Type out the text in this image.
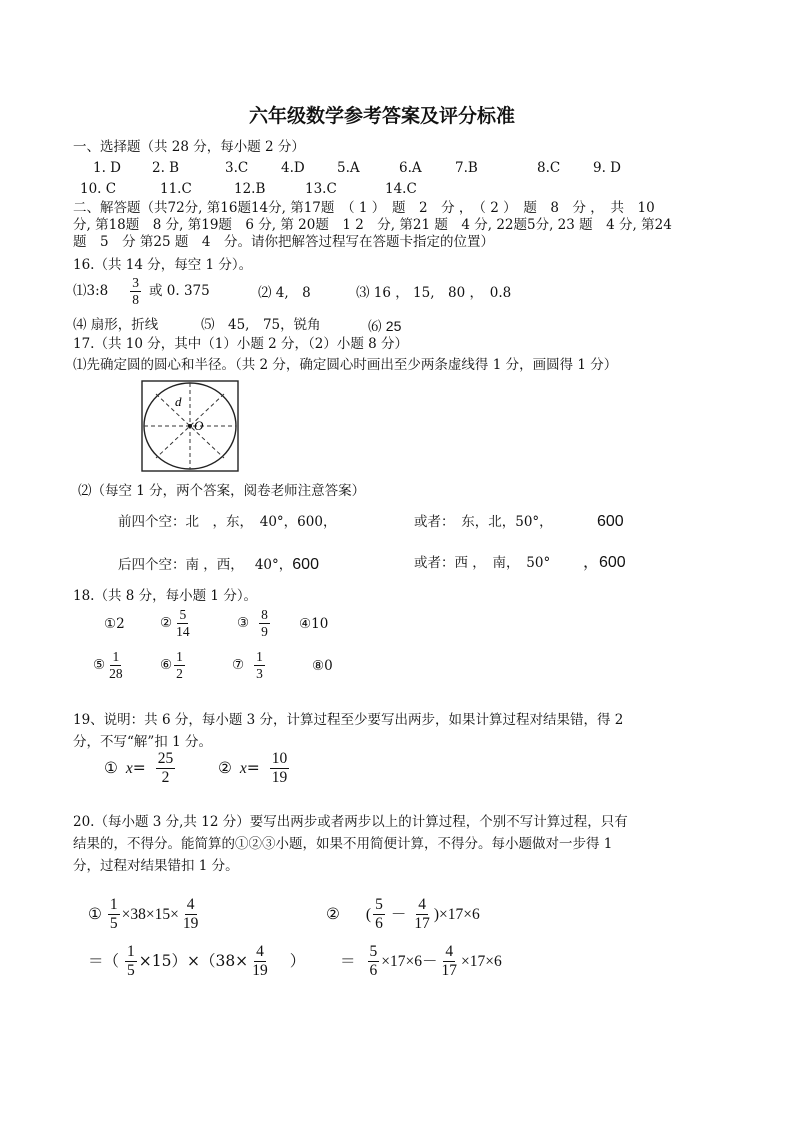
六年级数学参考答案及评分标准
一、选择题（共 28 分，每小题 2 分）
1. D 2. B	3.C 4.D 5.A	6.A 7.B	8.C 9. D
10. C	11.C	12.B	13.C	14.C
二、解答题（共72分, 第16题14分, 第17题　（ 1 ）　题　2　分 ，　（ 2 ）　题　8　分 ，　共　10
分, 第18题　8 分, 第19题　6 分, 第 20题　1 2　分, 第21 题　4 分, 22题5分, 23 题　4 分, 第24
题　5　分 第25 题　4　分。请你把解答过程写在答题卡指定的位置）
16.（共 14 分，每空 1 分）。
⑴3:8 $\frac{3}{8}$ 或 0. 375	⑵ 4,　8	⑶ 16 ， 15,　80 ，　0.8
⑷ 扇形，折线	⑸　45,　75，锐角	⑹ 25
17.（共 10 分，其中（1）小题 2 分，（2）小题 8 分）
⑴先确定圆的圆心和半径。（共 2 分，确定圆心时画出至少两条虚线得 1 分，画圆得 1 分）
d
O
⑵（每空 1 分，两个答案，阅卷老师注意答案）
前四个空：北　，东，　40°，600，	或者：　东，北，50°，	600
后四个空：南 ，西，　 40°，600	或者：西 ，　南，　50° ，600
18.（共 8 分，每小题 1 分）。
①2	② $\frac{5}{14}$	③ $\frac{8}{9}$ ④10
⑤ $\frac{1}{28}$	⑥ $\frac{1}{2}$	⑦ $\frac{1}{3}$	⑧0
19、说明：共 6 分，每小题 3 分，计算过程至少要写出两步，如果计算过程对结果错，得 2
分，不写“解”扣 1 分。
① $x = \frac{25}{2}$	② $x = \frac{10}{19}$
20.（每小题 3 分,共 12 分）要写出两步或者两步以上的计算过程，个别不写计算过程，只有
结果的，不得分。能简算的①②③小题，如果不用简便计算，不得分。每小题做对一步得 1
分，过程对结果错扣 1 分。
① $\frac{1}{5} \times 38\times 15\times \frac{4}{19}$	② ( $\frac{5}{6} - \frac{4}{17} )\times 17\times 6$
＝（ $\frac{1}{5} \times 15)\times(38\times \frac{4}{19}$ ） ＝ $\frac{5}{6} \times 17\times 6- \frac{4}{17} \times 17\times 6$
